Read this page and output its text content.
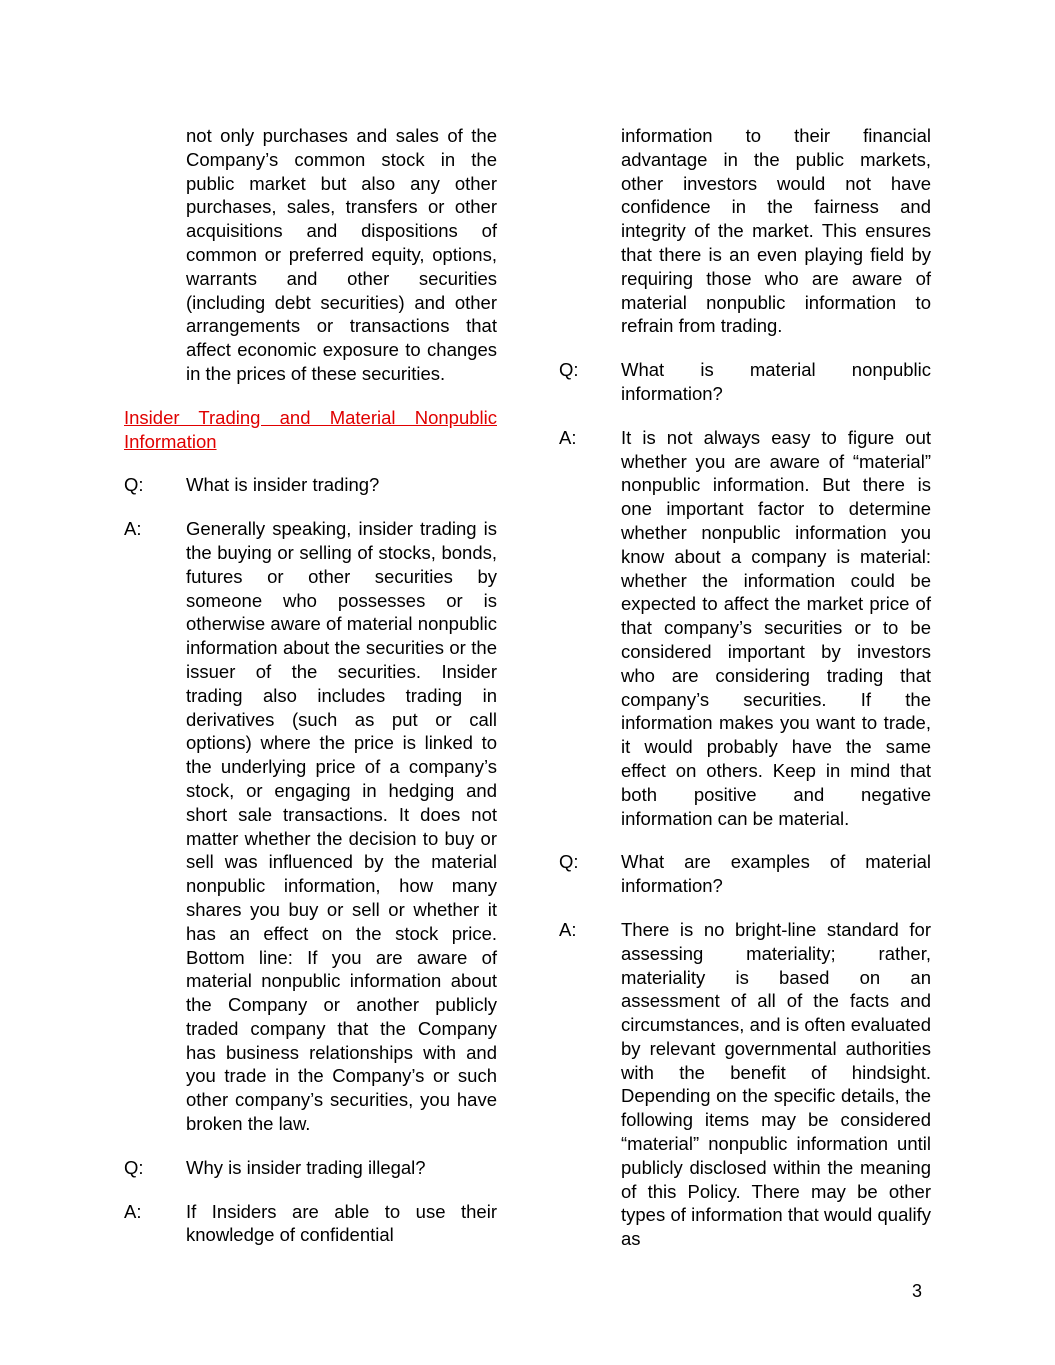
not only purchases and sales of the Company’s common stock in the public market but also any other purchases, sales, transfers or other acquisitions and dispositions of common or preferred equity, options, warrants and other securities (including debt securities) and other arrangements or transactions that affect economic exposure to changes in the prices of these securities.

Insider Trading and Material Nonpublic Information

Q:	What is insider trading?
A:	Generally speaking, insider trading is the buying or selling of stocks, bonds, futures or other securities by someone who possesses or is otherwise aware of material nonpublic information about the securities or the issuer of the securities. Insider trading also includes trading in derivatives (such as put or call options) where the price is linked to the underlying price of a company’s stock, or engaging in hedging and short sale transactions. It does not matter whether the decision to buy or sell was influenced by the material nonpublic information, how many shares you buy or sell or whether it has an effect on the stock price. Bottom line: If you are aware of material nonpublic information about the Company or another publicly traded company that the Company has business relationships with and you trade in the Company’s or such other company’s securities, you have broken the law.
Q:	Why is insider trading illegal?
A:	If Insiders are able to use their knowledge of confidential

information to their financial advantage in the public markets, other investors would not have confidence in the fairness and integrity of the market. This ensures that there is an even playing field by requiring those who are aware of material nonpublic information to refrain from trading.

Q:	What is material nonpublic information?
A:	It is not always easy to figure out whether you are aware of “material” nonpublic information. But there is one important factor to determine whether nonpublic information you know about a company is material: whether the information could be expected to affect the market price of that company’s securities or to be considered important by investors who are considering trading that company’s securities. If the information makes you want to trade, it would probably have the same effect on others. Keep in mind that both positive and negative information can be material.
Q:	What are examples of material information?
A:	There is no bright-line standard for assessing materiality; rather, materiality is based on an assessment of all of the facts and circumstances, and is often evaluated by relevant governmental authorities with the benefit of hindsight. Depending on the specific details, the following items may be considered “material” nonpublic information until publicly disclosed within the meaning of this Policy. There may be other types of information that would qualify as
3
